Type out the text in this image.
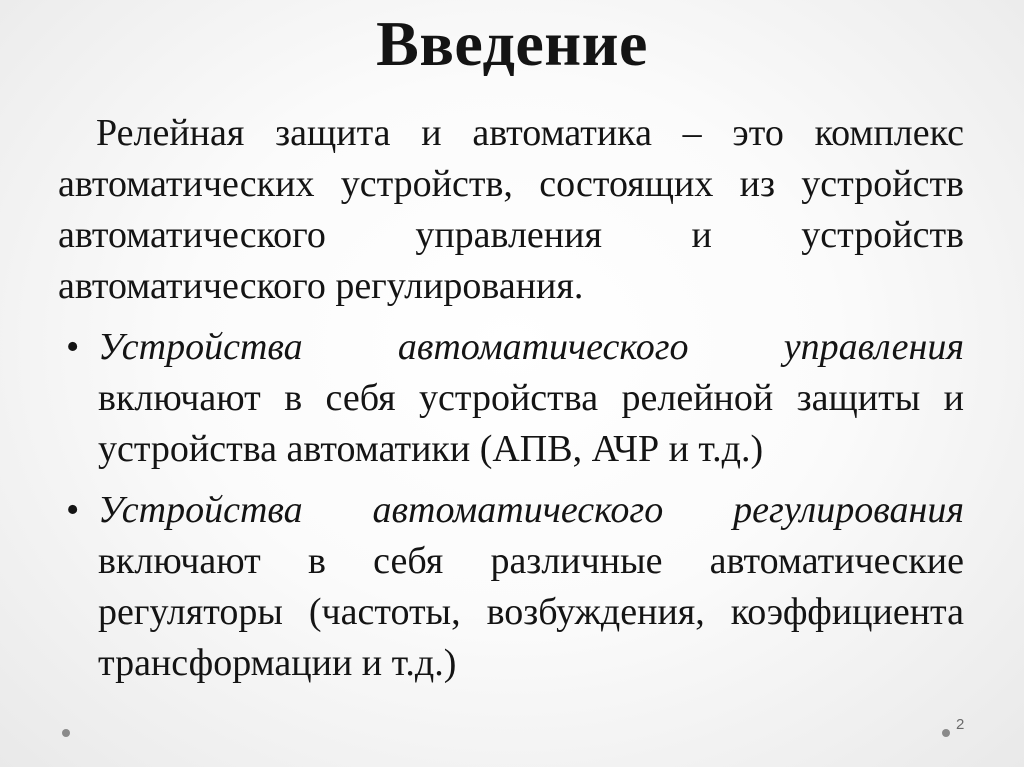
Введение

Релейная защита и автоматика – это комплекс автоматических устройств, состоящих из устройств автоматического управления и устройств автоматического регулирования.

• Устройства автоматического управления включают в себя устройства релейной защиты и устройства автоматики (АПВ, АЧР и т.д.)

• Устройства автоматического регулирования включают в себя различные автоматические регуляторы (частоты, возбуждения, коэффициента трансформации и т.д.)

2
